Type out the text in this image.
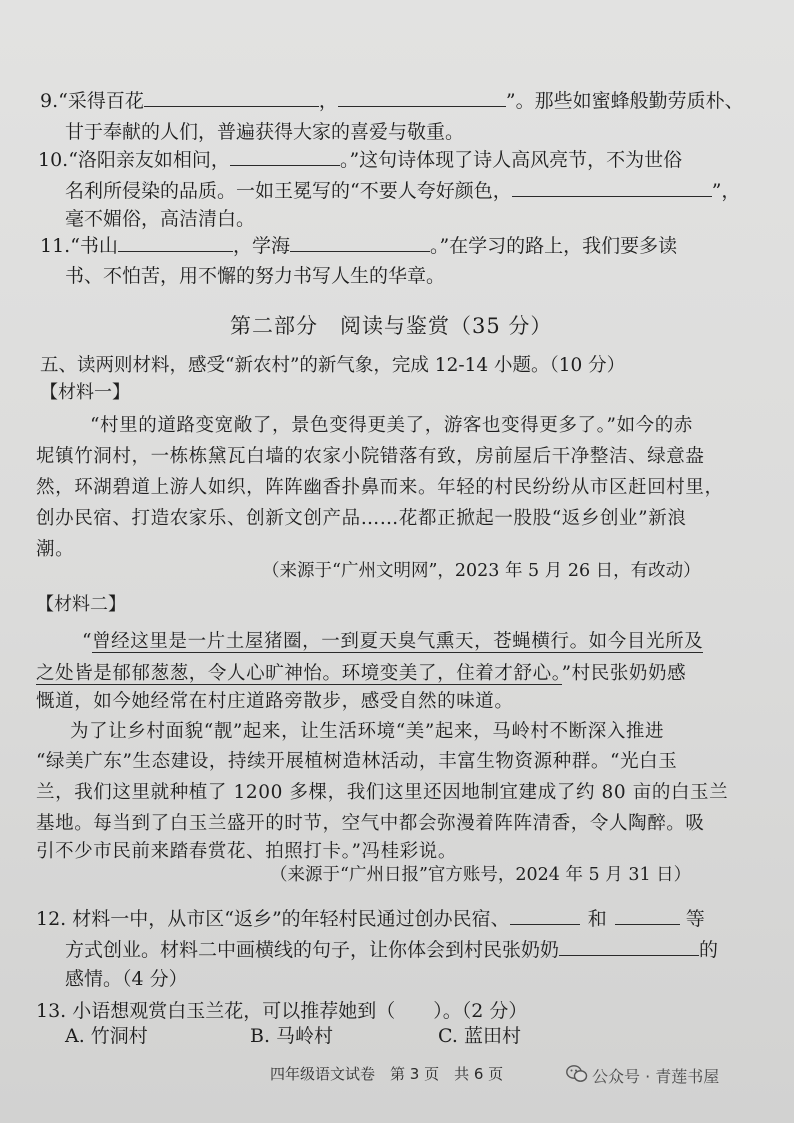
9.“采得百花	，	”。那些如蜜蜂般勤劳质朴、
甘于奉献的人们，普遍获得大家的喜爱与敬重。
10.“洛阳亲友如相问，	。”这句诗体现了诗人高风亮节，不为世俗
名利所侵染的品质。一如王冕写的“不要人夸好颜色，	”，
毫不媚俗，高洁清白。
11.“书山	，学海	。”在学习的路上，我们要多读
书、不怕苦，用不懈的努力书写人生的华章。
第二部分　阅读与鉴赏（35 分）
五、读两则材料，感受“新农村”的新气象，完成 12-14 小题。（10 分）
【材料一】
“村里的道路变宽敞了，景色变得更美了，游客也变得更多了。”如今的赤
坭镇竹洞村，一栋栋黛瓦白墙的农家小院错落有致，房前屋后干净整洁、绿意盎
然，环湖碧道上游人如织，阵阵幽香扑鼻而来。年轻的村民纷纷从市区赶回村里，
创办民宿、打造农家乐、创新文创产品……花都正掀起一股股“返乡创业”新浪
潮。
（来源于“广州文明网”，2023 年 5 月 26 日，有改动）
【材料二】
“曾经这里是一片土屋猪圈，一到夏天臭气熏天，苍蝇横行。如今目光所及
之处皆是郁郁葱葱，令人心旷神怡。环境变美了，住着才舒心。”村民张奶奶感
慨道，如今她经常在村庄道路旁散步，感受自然的味道。
为了让乡村面貌“靓”起来，让生活环境“美”起来，马岭村不断深入推进
“绿美广东”生态建设，持续开展植树造林活动，丰富生物资源种群。“光白玉
兰，我们这里就种植了 1200 多棵，我们这里还因地制宜建成了约 80 亩的白玉兰
基地。每当到了白玉兰盛开的时节，空气中都会弥漫着阵阵清香，令人陶醉。吸
引不少市民前来踏春赏花、拍照打卡。”冯桂彩说。
（来源于“广州日报”官方账号，2024 年 5 月 31 日）
12. 材料一中，从市区“返乡”的年轻村民通过创办民宿、	和	等
方式创业。材料二中画横线的句子，让你体会到村民张奶奶	的
感情。（4 分）
13. 小语想观赏白玉兰花，可以推荐她到（　　）。（2 分）
A. 竹洞村	B. 马岭村	C. 蓝田村
四年级语文试卷　第 3 页　共 6 页	公众号 · 青莲书屋
